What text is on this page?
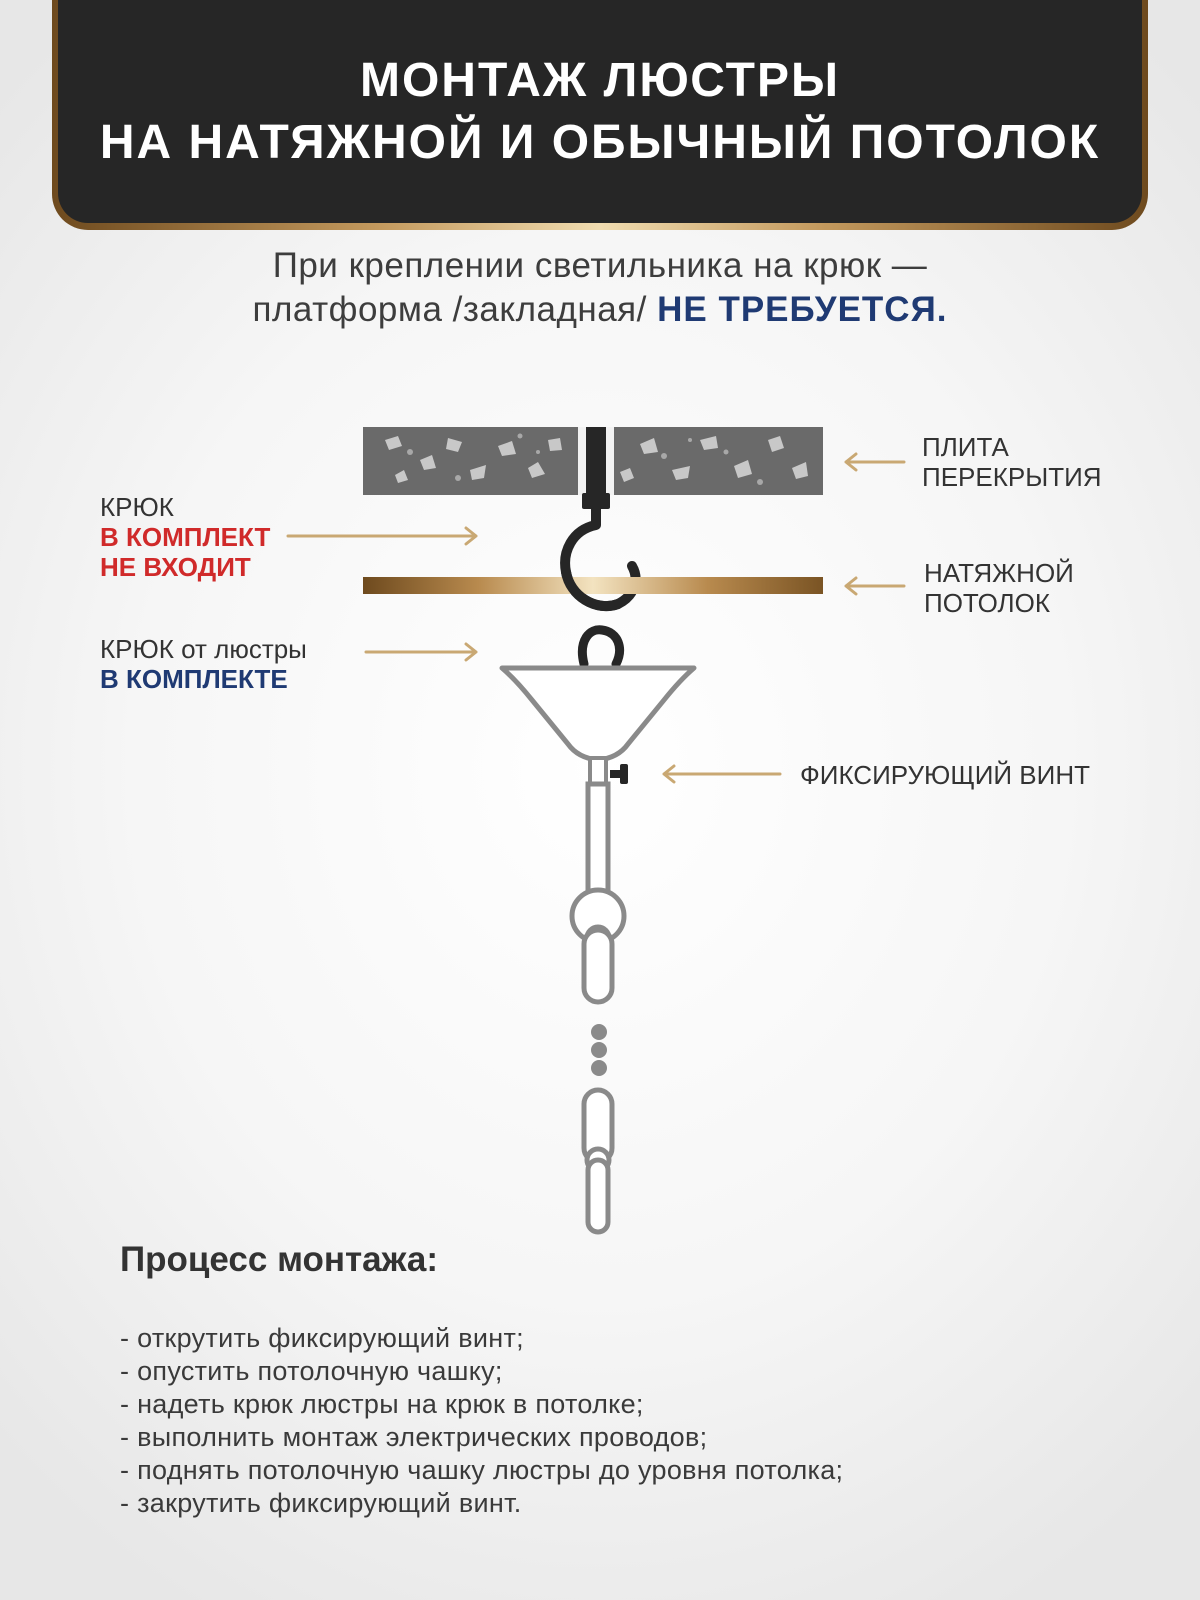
МОНТАЖ ЛЮСТРЫ
НА НАТЯЖНОЙ И ОБЫЧНЫЙ ПОТОЛОК
При креплении светильника на крюк —
платформа /закладная/ НЕ ТРЕБУЕТСЯ.
ПЛИТА
ПЕРЕКРЫТИЯ
НАТЯЖНОЙ
ПОТОЛОК
ФИКСИРУЮЩИЙ ВИНТ
КРЮК
В КОМПЛЕКТ
НЕ ВХОДИТ
КРЮК от люстры
В КОМПЛЕКТЕ
Процесс монтажа:
- открутить фиксирующий винт;
- опустить потолочную чашку;
- надеть крюк люстры на крюк в потолке;
- выполнить монтаж электрических проводов;
- поднять потолочную чашку люстры до уровня потолка;
- закрутить фиксирующий винт.
